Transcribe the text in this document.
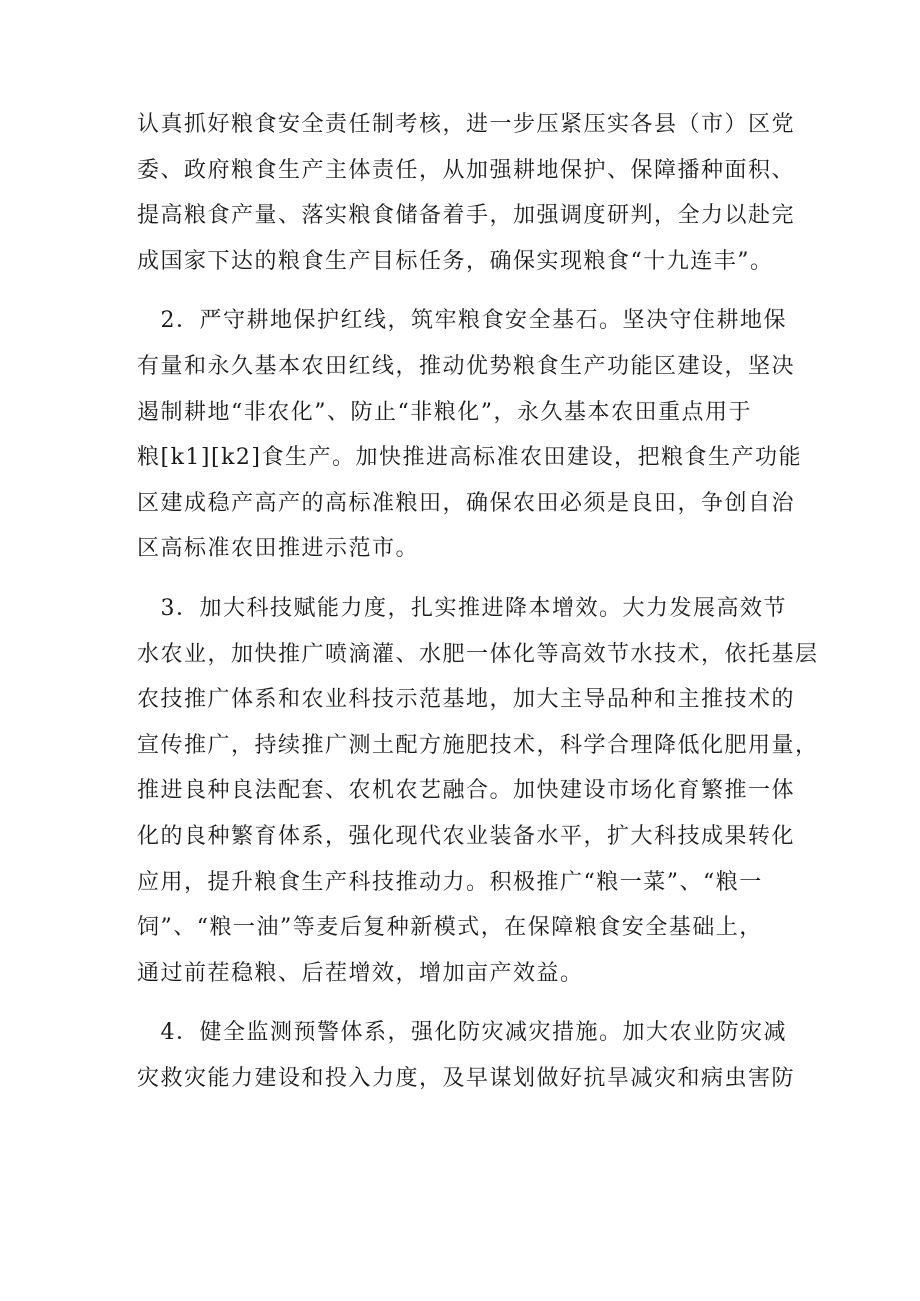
认真抓好粮食安全责任制考核，进一步压紧压实各县（市）区党
委、政府粮食生产主体责任，从加强耕地保护、保障播种面积、
提高粮食产量、落实粮食储备着手，加强调度研判，全力以赴完
成国家下达的粮食生产目标任务，确保实现粮食“十九连丰”。
　2．严守耕地保护红线，筑牢粮食安全基石。坚决守住耕地保
有量和永久基本农田红线，推动优势粮食生产功能区建设，坚决
遏制耕地“非农化”、防止“非粮化”，永久基本农田重点用于
粮[k1][k2]食生产。加快推进高标准农田建设，把粮食生产功能
区建成稳产高产的高标准粮田，确保农田必须是良田，争创自治
区高标准农田推进示范市。
　3．加大科技赋能力度，扎实推进降本增效。大力发展高效节
水农业，加快推广喷滴灌、水肥一体化等高效节水技术，依托基层
农技推广体系和农业科技示范基地，加大主导品种和主推技术的
宣传推广，持续推广测土配方施肥技术，科学合理降低化肥用量，
推进良种良法配套、农机农艺融合。加快建设市场化育繁推一体
化的良种繁育体系，强化现代农业装备水平，扩大科技成果转化
应用，提升粮食生产科技推动力。积极推广“粮一菜”、“粮一
饲”、“粮一油”等麦后复种新模式，在保障粮食安全基础上，
通过前茬稳粮、后茬增效，增加亩产效益。
　4．健全监测预警体系，强化防灾减灾措施。加大农业防灾减
灾救灾能力建设和投入力度，及早谋划做好抗旱减灾和病虫害防
